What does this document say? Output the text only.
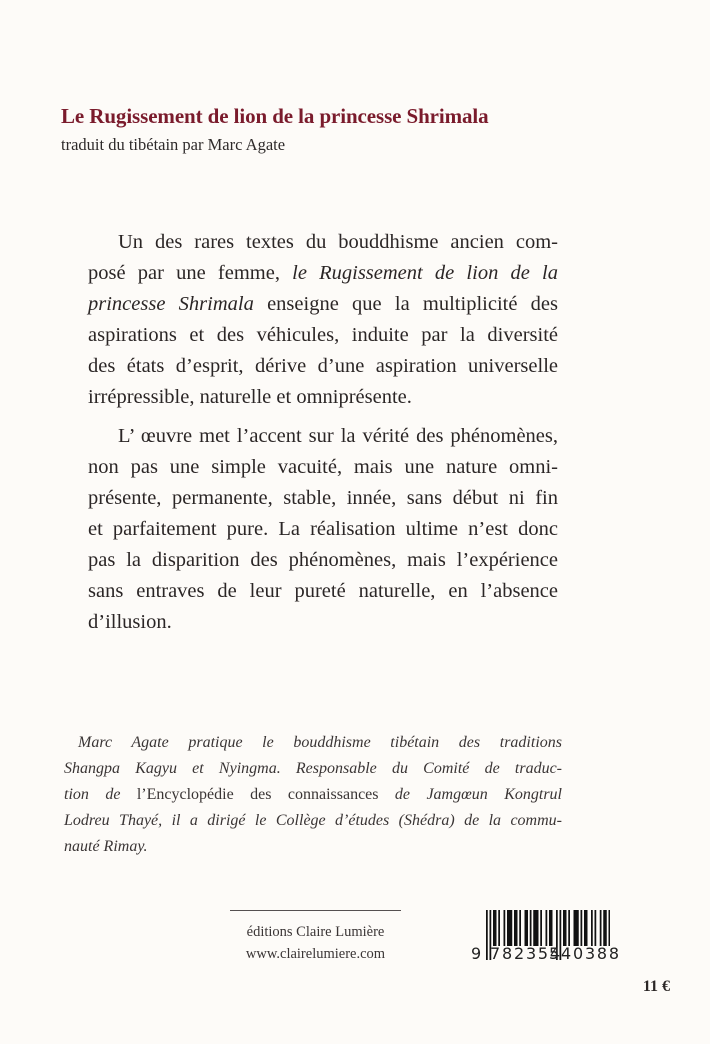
Le Rugissement de lion de la princesse Shrimala
traduit du tibétain par Marc Agate
Un des rares textes du bouddhisme ancien com-
posé par une femme, le Rugissement de lion de la
princesse Shrimala enseigne que la multiplicité des
aspirations et des véhicules, induite par la diversité
des états d’esprit, dérive d’une aspiration universelle
irrépressible, naturelle et omniprésente.
L’ œuvre met l’accent sur la vérité des phénomènes,
non pas une simple vacuité, mais une nature omni-
présente, permanente, stable, innée, sans début ni fin
et parfaitement pure. La réalisation ultime n’est donc
pas la disparition des phénomènes, mais l’expérience
sans entraves de leur pureté naturelle, en l’absence
d’illusion.
Marc Agate pratique le bouddhisme tibétain des traditions
Shangpa Kagyu et Nyingma. Responsable du Comité de traduc-
tion de l’Encyclopédie des connaissances de Jamgœun Kongtrul
Lodreu Thayé, il a dirigé le Collège d’études (Shédra) de la commu-
nauté Rimay.
éditions Claire Lumière
www.clairelumiere.com	9 782354
540388
11 €
